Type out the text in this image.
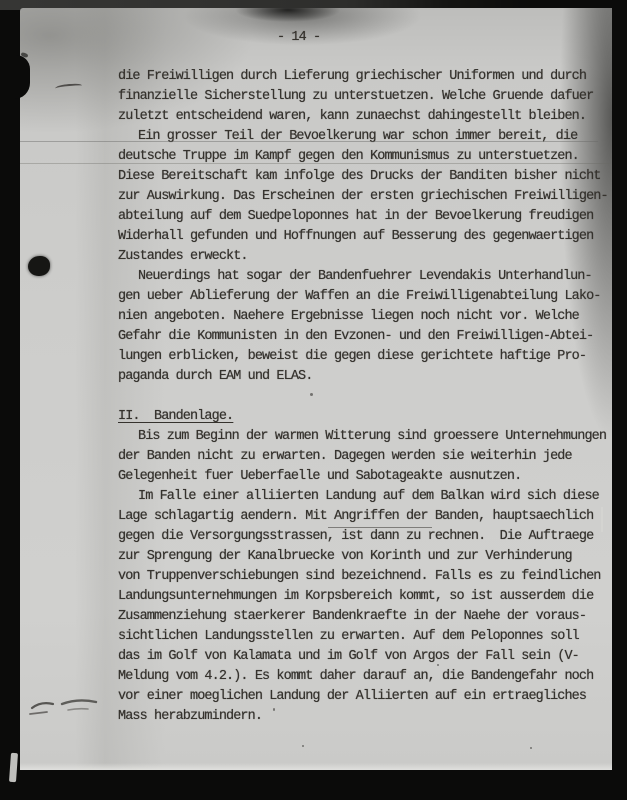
- 14 -
die Freiwilligen durch Lieferung griechischer Uniformen und durch
finanzielle Sicherstellung zu unterstuetzen. Welche Gruende dafuer
zuletzt entscheidend waren, kann zunaechst dahingestellt bleiben.
Ein grosser Teil der Bevoelkerung war schon immer bereit, die
deutsche Truppe im Kampf gegen den Kommunismus zu unterstuetzen.
Diese Bereitschaft kam infolge des Drucks der Banditen bisher nicht
zur Auswirkung. Das Erscheinen der ersten griechischen Freiwilligen-
abteilung auf dem Suedpeloponnes hat in der Bevoelkerung freudigen
Widerhall gefunden und Hoffnungen auf Besserung des gegenwaertigen
Zustandes erweckt.
Neuerdings hat sogar der Bandenfuehrer Levendakis Unterhandlun-
gen ueber Ablieferung der Waffen an die Freiwilligenabteilung Lako-
nien angeboten. Naehere Ergebnisse liegen noch nicht vor. Welche
Gefahr die Kommunisten in den Evzonen- und den Freiwilligen-Abtei-
lungen erblicken, beweist die gegen diese gerichtete haftige Pro-
paganda durch EAM und ELAS.
II.  Bandenlage.
Bis zum Beginn der warmen Witterung sind groessere Unternehmungen
der Banden nicht zu erwarten. Dagegen werden sie weiterhin jede
Gelegenheit fuer Ueberfaelle und Sabotageakte ausnutzen.
Im Falle einer alliierten Landung auf dem Balkan wird sich diese
Lage schlagartig aendern. Mit Angriffen der Banden, hauptsaechlich
gegen die Versorgungsstrassen, ist dann zu rechnen.  Die Auftraege
zur Sprengung der Kanalbruecke von Korinth und zur Verhinderung
von Truppenverschiebungen sind bezeichnend. Falls es zu feindlichen
Landungsunternehmungen im Korpsbereich kommt, so ist ausserdem die
Zusammenziehung staerkerer Bandenkraefte in der Naehe der voraus-
sichtlichen Landungsstellen zu erwarten. Auf dem Peloponnes soll
das im Golf von Kalamata und im Golf von Argos der Fall sein (V-
Meldung vom 4.2.). Es kommt daher darauf an, die Bandengefahr noch
vor einer moeglichen Landung der Alliierten auf ein ertraegliches
Mass herabzumindern.
